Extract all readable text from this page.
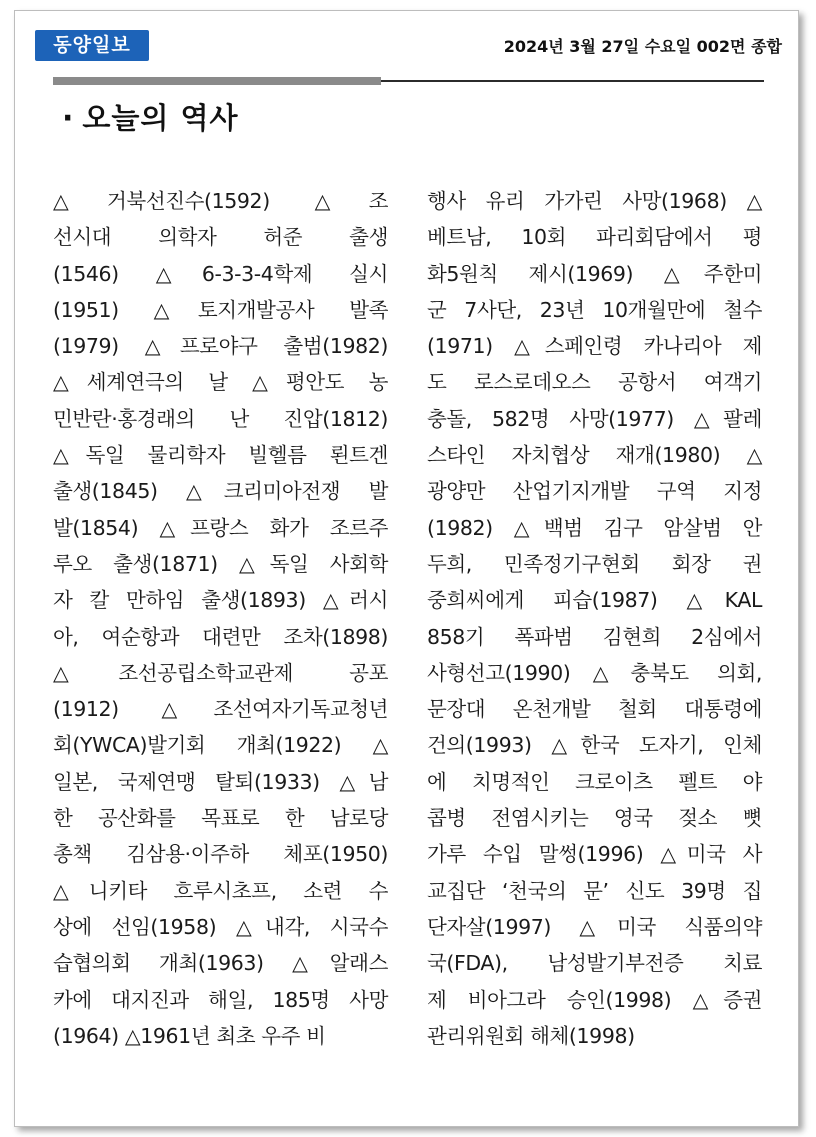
동양일보	2024년 3월 27일 수요일 002면 종합
· 오늘의 역사
△거북선진수(1592) △조
선시대 의학자 허준 출생
(1546) △6-3-3-4학제 실시
(1951) △토지개발공사 발족
(1979) △프로야구 출범(1982)
△세계연극의 날 △평안도 농
민반란·홍경래의 난 진압(1812)
△독일 물리학자 빌헬름 뢴트겐
출생(1845) △크리미아전쟁 발
발(1854) △프랑스 화가 조르주
루오 출생(1871) △독일 사회학
자 칼 만하임 출생(1893) △러시
아, 여순항과 대련만 조차(1898)
△조선공립소학교관제 공포
(1912) △조선여자기독교청년
회(YWCA)발기회 개최(1922) △
일본, 국제연맹 탈퇴(1933) △남
한 공산화를 목표로 한 남로당
총책 김삼용·이주하 체포(1950)
△니키타 흐루시초프, 소련 수
상에 선임(1958) △내각, 시국수
습협의회 개최(1963) △알래스
카에 대지진과 해일, 185명 사망
(1964) △1961년 최초 우주 비
행사 유리 가가린 사망(1968) △
베트남, 10회 파리회담에서 평
화5원칙 제시(1969) △주한미
군 7사단, 23년 10개월만에 철수
(1971) △스페인령 카나리아 제
도 로스로데오스 공항서 여객기
충돌, 582명 사망(1977) △팔레
스타인 자치협상 재개(1980) △
광양만 산업기지개발 구역 지정
(1982) △백범 김구 암살범 안
두희, 민족정기구현회 회장 권
중희씨에게 피습(1987) △KAL
858기 폭파범 김현희 2심에서
사형선고(1990)△충북도 의회,
문장대 온천개발 철회 대통령에
건의(1993) △한국 도자기, 인체
에 치명적인 크로이츠 펠트 야
콥병 전염시키는 영국 젖소 뼛
가루 수입 말썽(1996) △미국 사
교집단 ‘천국의 문’ 신도 39명 집
단자살(1997) △미국 식품의약
국(FDA), 남성발기부전증 치료
제 비아그라 승인(1998) △증권
관리위원회 해체(1998)
